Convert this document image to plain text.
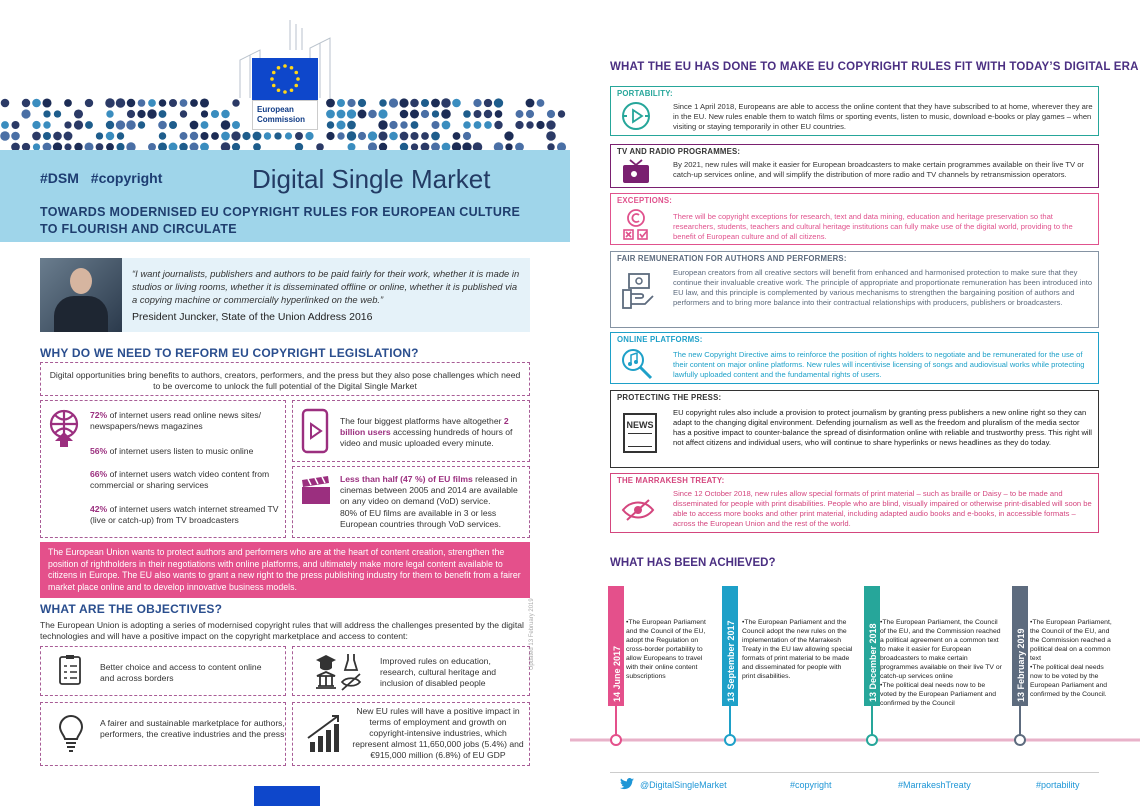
European
Commission
#DSM #copyright	Digital Single Market
TOWARDS MODERNISED EU COPYRIGHT RULES FOR EUROPEAN CULTURE TO FLOURISH AND CIRCULATE
“I want journalists, publishers and authors to be paid fairly for their work, whether it is made in studios or living rooms, whether it is disseminated offline or online, whether it is published via a copying machine or commercially hyperlinked on the web.”
President Juncker, State of the Union Address 2016
WHY DO WE NEED TO REFORM EU COPYRIGHT LEGISLATION?
Digital opportunities bring benefits to authors, creators, performers, and the press but they also pose challenges which need to be overcome to unlock the full potential of the Digital Single Market
72% of internet users read online news sites/ newspapers/news magazines
56% of internet users listen to music online
66% of internet users watch video content from commercial or sharing services
42% of internet users watch internet streamed TV (live or catch-up) from TV broadcasters
The four biggest platforms have altogether 2 billion users accessing hundreds of hours of video and music uploaded every minute.
Less than half (47 %) of EU films released in cinemas between 2005 and 2014 are available on any video on demand (VoD) service.
80% of EU films are available in 3 or less European countries through VoD services.
The European Union wants to protect authors and performers who are at the heart of content creation, strengthen the position of rightholders in their negotiations with online platforms, and ultimately make more legal content available to citizens in Europe. The EU also wants to grant a new right to the press publishing industry for them to benefit from a fairer market place online and to develop innovative business models.
WHAT ARE THE OBJECTIVES?
The European Union is adopting a series of modernised copyright rules that will address the challenges presented by the digital technologies and will have a positive impact on the copyright marketplace and access to content:
Better choice and access to content online and across borders
Improved rules on education, research, cultural heritage and inclusion of disabled people
A fairer and sustainable marketplace for authors, performers, the creative industries and the press
New EU rules will have a positive impact in terms of employment and growth on copyright-intensive industries, which represent almost 11,650,000 jobs (5.4%) and €915,000 million (6.8%) of EU GDP
Updated 13 February 2019
WHAT THE EU HAS DONE TO MAKE EU COPYRIGHT RULES FIT WITH TODAY’S DIGITAL ERA
PORTABILITY:
Since 1 April 2018, Europeans are able to access the online content that they have subscribed to at home, wherever they are in the EU. New rules enable them to watch films or sporting events, listen to music, download e-books or play games – when visiting or staying temporarily in other EU countries.
TV AND RADIO PROGRAMMES:
By 2021, new rules will make it easier for European broadcasters to make certain programmes available on their live TV or catch-up services online, and will simplify the distribution of more radio and TV channels by retransmission operators.
EXCEPTIONS:
There will be copyright exceptions for research, text and data mining, education and heritage preservation so that researchers, students, teachers and cultural heritage institutions can fully make use of the digital world, providing to the benefit of European culture and of all citizens.
FAIR REMUNERATION FOR AUTHORS AND PERFORMERS:
European creators from all creative sectors will benefit from enhanced and harmonised protection to make sure that they continue their invaluable creative work. The principle of appropriate and proportionate remuneration has been introduced into EU law, and this principle is complemented by various mechanisms to strengthen the bargaining position of authors and performers and to bring more balance into their contractual relationships with producers, publishers or broadcasters.
ONLINE PLATFORMS:
The new Copyright Directive aims to reinforce the position of rights holders to negotiate and be remunerated for the use of their content on major online platforms. New rules will incentivise licensing of songs and audiovisual works while protecting lawfully uploaded content and the fundamental rights of users.
PROTECTING THE PRESS:
NEWS
EU copyright rules also include a provision to protect journalism by granting press publishers a new online right so they can adapt to the changing digital environment. Defending journalism as well as the freedom and pluralism of the media sector has a positive impact to counter-balance the spread of disinformation online with reliable and trustworthy press. This right will not affect citizens and individual users, who will continue to share hyperlinks or news headlines as they do today.
THE MARRAKESH TREATY:
Since 12 October 2018, new rules allow special formats of print material – such as braille or Daisy – to be made and disseminated for people with print disabilities. People who are blind, visually impaired or otherwise print-disabled will soon be able to access more books and other print material, including adapted audio books and e-books, in accessible formats – across the European Union and the rest of the world.
WHAT HAS BEEN ACHIEVED?
14 June 2017	13 September 2017	13 December 2018	13 February 2019
•The European Parliament and the Council of the EU, adopt the Regulation on cross-border portability to allow Europeans to travel with their online content subscriptions
•The European Parliament and the Council adopt the new rules on the implementation of the Marrakesh Treaty in the EU law allowing special formats of print material to be made and disseminated for people with print disabilities.
•The European Parliament, the Council of the EU, and the Commission reached a political agreement on a common text to make it easier for European broadcasters to make certain programmes available on their live TV or catch-up services online
•The political deal needs now to be voted by the European Parliament and confirmed by the Council
•The European Parliament, the Council of the EU, and the Commission reached a political deal on a common text
•The political deal needs now to be voted by the European Parliament and confirmed by the Council.
@DigitalSingleMarket	#copyright	#MarrakeshTreaty	#portability
